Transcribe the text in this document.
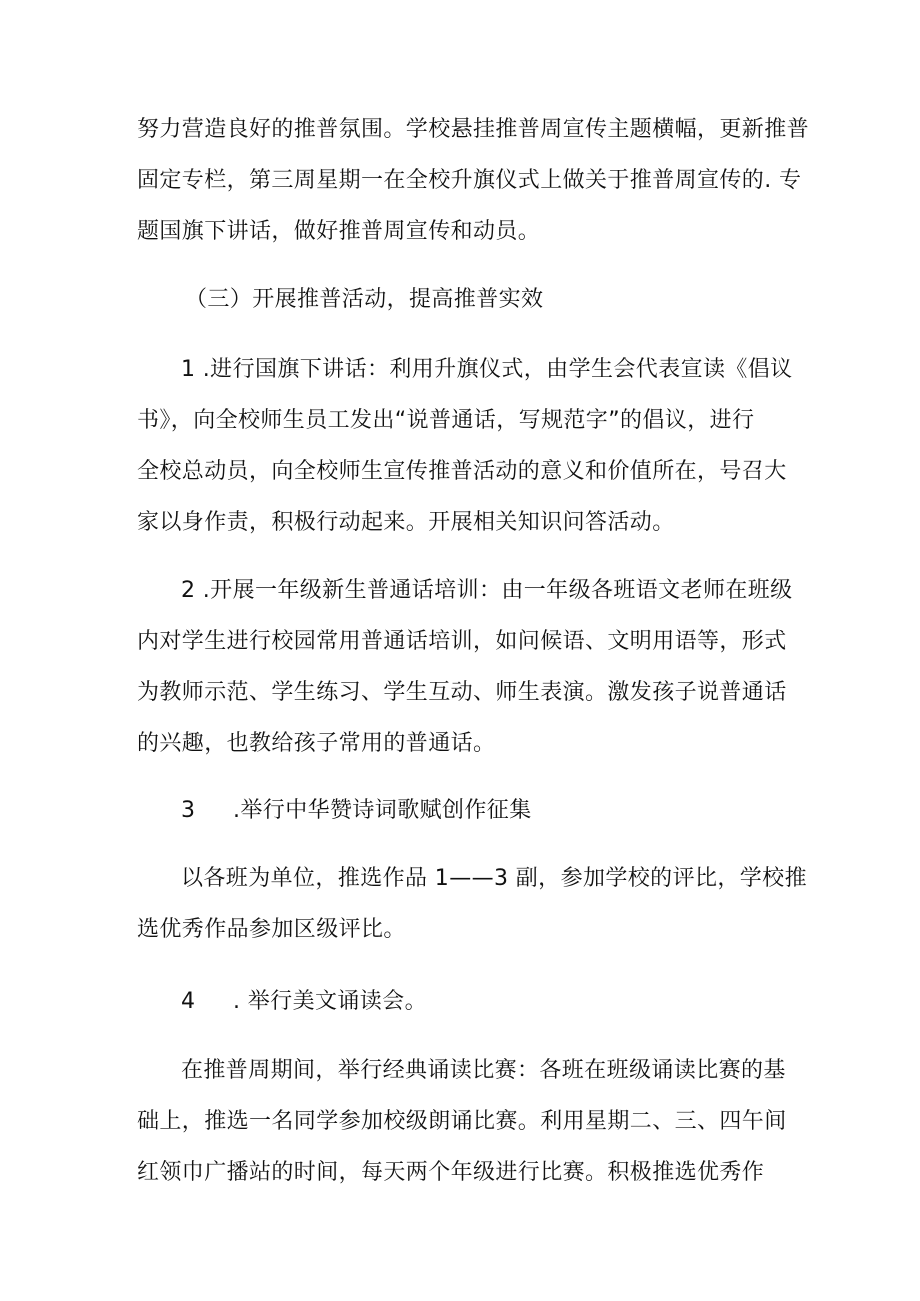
努力营造良好的推普氛围。学校悬挂推普周宣传主题横幅，更新推普
固定专栏，第三周星期一在全校升旗仪式上做关于推普周宣传的. 专
题国旗下讲话，做好推普周宣传和动员。
（三）开展推普活动，提高推普实效
1 .进行国旗下讲话：利用升旗仪式，由学生会代表宣读《倡议
书》，向全校师生员工发出“说普通话，写规范字”的倡议，进行
全校总动员，向全校师生宣传推普活动的意义和价值所在，号召大
家以身作责，积极行动起来。开展相关知识问答活动。
2 .开展一年级新生普通话培训：由一年级各班语文老师在班级
内对学生进行校园常用普通话培训，如问候语、文明用语等，形式
为教师示范、学生练习、学生互动、师生表演。激发孩子说普通话
的兴趣，也教给孩子常用的普通话。
3 .举行中华赞诗词歌赋创作征集
以各班为单位，推选作品 1——3 副，参加学校的评比，学校推
选优秀作品参加区级评比。
4 . 举行美文诵读会。
在推普周期间，举行经典诵读比赛：各班在班级诵读比赛的基
础上，推选一名同学参加校级朗诵比赛。利用星期二、三、四午间
红领巾广播站的时间，每天两个年级进行比赛。积极推选优秀作
